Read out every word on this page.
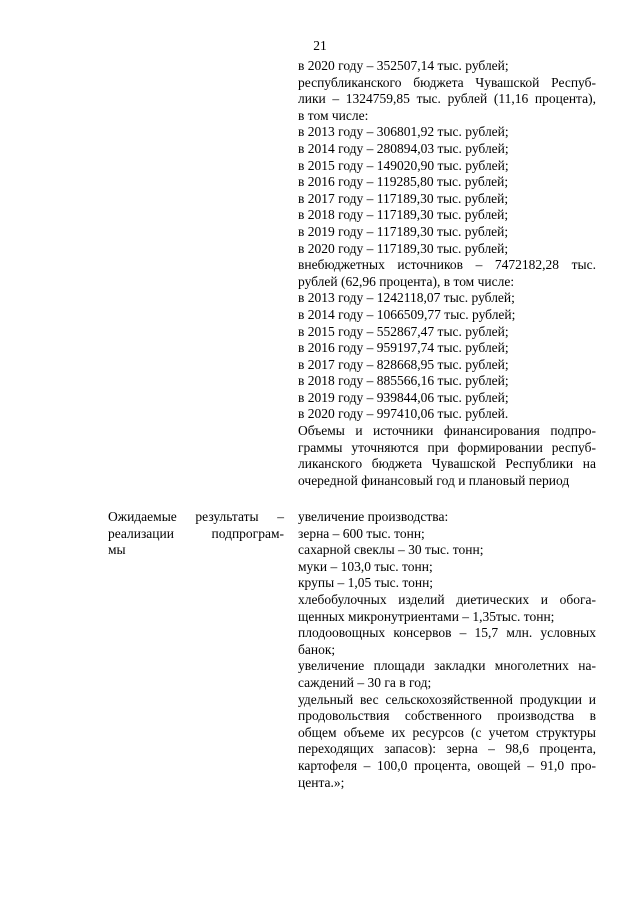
21
в 2020 году – 352507,14 тыс. рублей;
республиканского бюджета Чувашской Респуб-
лики – 1324759,85 тыс. рублей (11,16 процента),
в том числе:
в 2013 году – 306801,92 тыс. рублей;
в 2014 году – 280894,03 тыс. рублей;
в 2015 году – 149020,90 тыс. рублей;
в 2016 году – 119285,80 тыс. рублей;
в 2017 году – 117189,30 тыс. рублей;
в 2018 году – 117189,30 тыс. рублей;
в 2019 году – 117189,30 тыс. рублей;
в 2020 году – 117189,30 тыс. рублей;
внебюджетных источников – 7472182,28 тыс.
рублей (62,96 процента), в том числе:
в 2013 году – 1242118,07 тыс. рублей;
в 2014 году – 1066509,77 тыс. рублей;
в 2015 году – 552867,47 тыс. рублей;
в 2016 году – 959197,74 тыс. рублей;
в 2017 году – 828668,95 тыс. рублей;
в 2018 году – 885566,16 тыс. рублей;
в 2019 году – 939844,06 тыс. рублей;
в 2020 году – 997410,06 тыс. рублей.
Объемы и источники финансирования подпро-
граммы уточняются при формировании респуб-
ликанского бюджета Чувашской Республики на
очередной финансовый год и плановый период
Ожидаемые результаты –
реализации подпрограм-
мы
увеличение производства:
зерна – 600 тыс. тонн;
сахарной свеклы – 30 тыс. тонн;
муки – 103,0 тыс. тонн;
крупы – 1,05 тыс. тонн;
хлебобулочных изделий диетических и обога-
щенных микронутриентами – 1,35тыс. тонн;
плодоовощных консервов – 15,7 млн. условных
банок;
увеличение площади закладки многолетних на-
саждений – 30 га в год;
удельный вес сельскохозяйственной продукции и
продовольствия собственного производства в
общем объеме их ресурсов (с учетом структуры
переходящих запасов): зерна – 98,6 процента,
картофеля – 100,0 процента, овощей – 91,0 про-
цента.»;
